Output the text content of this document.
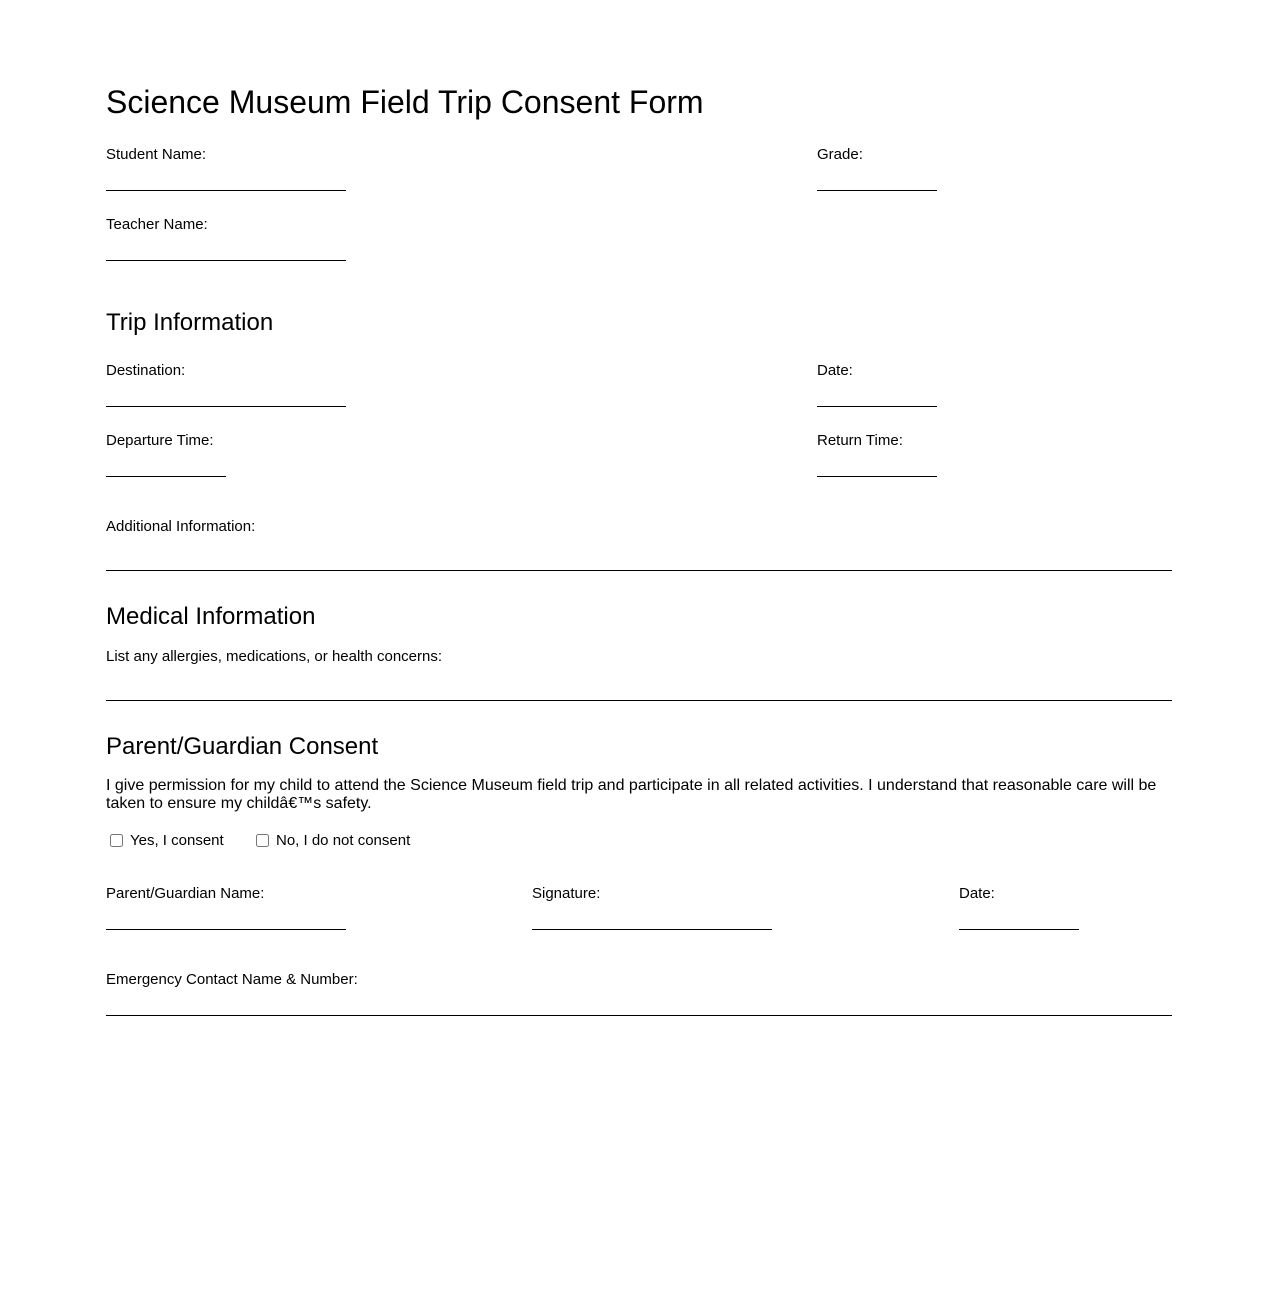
Science Museum Field Trip Consent Form
Student Name:	Grade:
Teacher Name:
Trip Information
Destination:	Date:
Departure Time:	Return Time:
Additional Information:
Medical Information
List any allergies, medications, or health concerns:
Parent/Guardian Consent
I give permission for my child to attend the Science Museum field trip and participate in all related activities. I understand that reasonable care will be taken to ensure my childâ€™s safety.
Yes, I consent	No, I do not consent
Parent/Guardian Name:	Signature:	Date:
Emergency Contact Name & Number:
